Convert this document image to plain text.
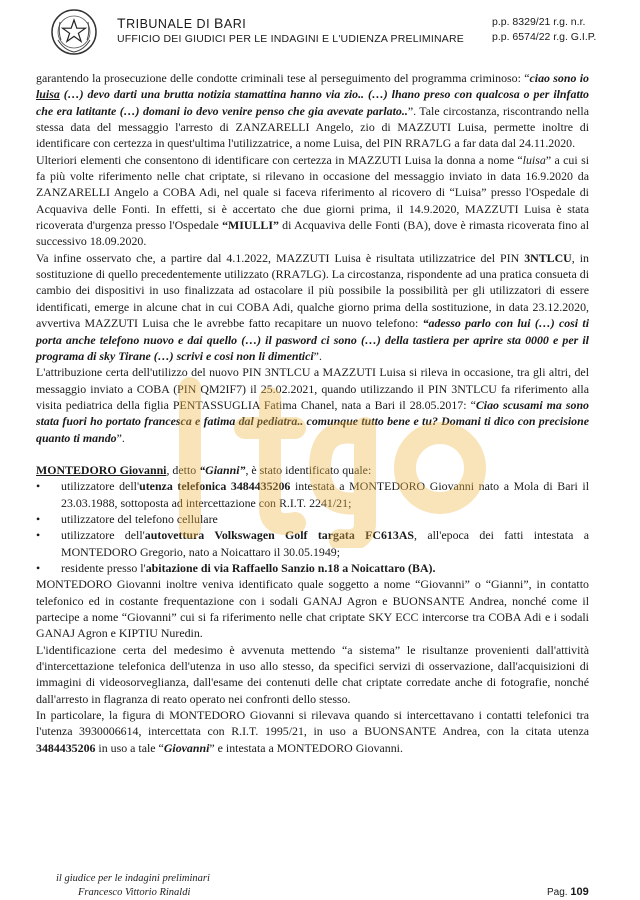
TRIBUNALE DI BARI
UFFICIO DEI GIUDICI PER LE INDAGINI E L'UDIENZA PRELIMINARE
p.p. 8329/21 r.g. n.r.
p.p. 6574/22 r.g. G.I.P.

garantendo la prosecuzione delle condotte criminali tese al perseguimento del programma criminoso: “ciao sono io luisa (…) devo darti una brutta notizia stamattina hanno via zio.. (…) lhano preso con qualcosa o per ilnfatto che era latitante (…) domani io devo venire penso che gia avevate parlato..”. Tale circostanza, riscontrando nella stessa data del messaggio l'arresto di ZANZARELLI Angelo, zio di MAZZUTI Luisa, permette inoltre di identificare con certezza in quest'ultima l'utilizzatrice, a nome Luisa, del PIN RRA7LG a far data dal 24.11.2020.

Ulteriori elementi che consentono di identificare con certezza in MAZZUTI Luisa la donna a nome “luisa” a cui si fa più volte riferimento nelle chat criptate, si rilevano in occasione del messaggio inviato in data 16.9.2020 da ZANZARELLI Angelo a COBA Adi, nel quale si faceva riferimento al ricovero di “Luisa” presso l'Ospedale di Acquaviva delle Fonti. In effetti, si è accertato che due giorni prima, il 14.9.2020, MAZZUTI Luisa è stata ricoverata d'urgenza presso l'Ospedale “MIULLI” di Acquaviva delle Fonti (BA), dove è rimasta ricoverata fino al successivo 18.09.2020.

Va infine osservato che, a partire dal 4.1.2022, MAZZUTI Luisa è risultata utilizzatrice del PIN 3NTLCU, in sostituzione di quello precedentemente utilizzato (RRA7LG). La circostanza, rispondente ad una pratica consueta di cambio dei dispositivi in uso finalizzata ad ostacolare il più possibile la possibilità per gli utilizzatori di essere identificati, emerge in alcune chat in cui COBA Adi, qualche giorno prima della sostituzione, in data 23.12.2020, avvertiva MAZZUTI Luisa che le avrebbe fatto recapitare un nuovo telefono: “adesso parlo con lui (…) cosi ti porta anche telefono nuovo e dai quello (…) il pasword ci sono (…) della tastiera per aprire sta 0000 e per il programa di sky Tirane (…) scrivi e cosi non li dimentici”.

L'attribuzione certa dell'utilizzo del nuovo PIN 3NTLCU a MAZZUTI Luisa si rileva in occasione, tra gli altri, del messaggio inviato a COBA (PIN QM2IF7) il 25.02.2021, quando utilizzando il PIN 3NTLCU fa riferimento alla visita pediatrica della figlia PENTASSUGLIA Fatima Chanel, nata a Bari il 28.05.2017: “Ciao scusami ma sono stata fuori ho portato francesca e fatima dal pediatra.. comunque tutto bene e tu? Domani ti dico con precisione quanto ti mando”.

MONTEDORO Giovanni, detto “Gianni”, è stato identificato quale:

• utilizzatore dell'utenza telefonica 3484435206 intestata a MONTEDORO Giovanni nato a Mola di Bari il 23.03.1988, sottoposta ad intercettazione con R.I.T. 2241/21;
• utilizzatore del telefono cellulare
• utilizzatore dell'autovettura Volkswagen Golf targata FC613AS, all'epoca dei fatti intestata a MONTEDORO Gregorio, nato a Noicattaro il 30.05.1949;
• residente presso l'abitazione di via Raffaello Sanzio n.18 a Noicattaro (BA).

MONTEDORO Giovanni inoltre veniva identificato quale soggetto a nome “Giovanni” o “Gianni”, in contatto telefonico ed in costante frequentazione con i sodali GANAJ Agron e BUONSANTE Andrea, nonché come il partecipe a nome “Giovanni” cui si fa riferimento nelle chat criptate SKY ECC intercorse tra COBA Adi e i sodali GANAJ Agron e KIPTIU Nuredin.

L'identificazione certa del medesimo è avvenuta mettendo “a sistema” le risultanze provenienti dall'attività d'intercettazione telefonica dell'utenza in uso allo stesso, da specifici servizi di osservazione, dall'acquisizioni di immagini di videosorveglianza, dall'esame dei contenuti delle chat criptate corredate anche di fotografie, nonché dall'arresto in flagranza di reato operato nei confronti dello stesso.

In particolare, la figura di MONTEDORO Giovanni si rilevava quando si intercettavano i contatti telefonici tra l'utenza 3930006614, intercettata con R.I.T. 1995/21, in uso a BUONSANTE Andrea, con la citata utenza 3484435206 in uso a tale “Giovanni” e intestata a MONTEDORO Giovanni.

il giudice per le indagini preliminari
Francesco Vittorio Rinaldi	Pag. 109
